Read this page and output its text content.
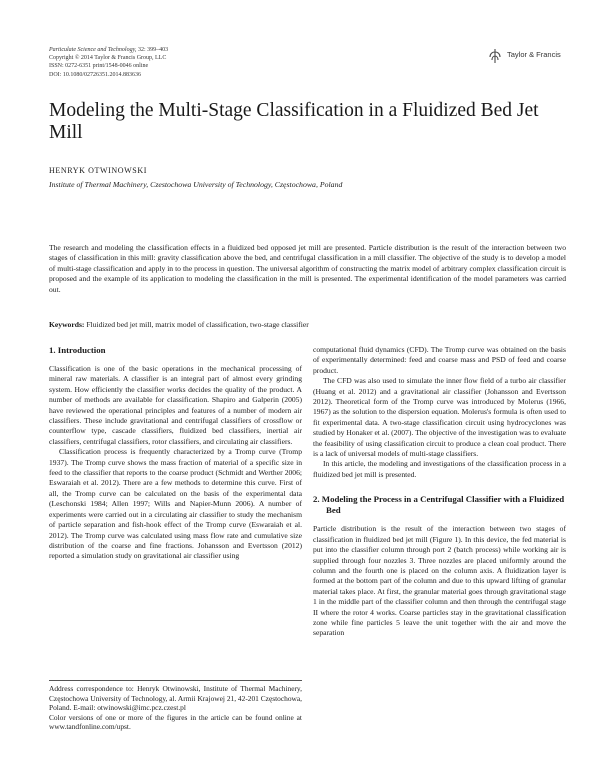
Particulate Science and Technology, 32: 399–403
Copyright © 2014 Taylor & Francis Group, LLC
ISSN: 0272-6351 print/1548-0046 online
DOI: 10.1080/02726351.2014.883636
Taylor & Francis
Modeling the Multi-Stage Classification in a Fluidized Bed Jet Mill
HENRYK OTWINOWSKI
Institute of Thermal Machinery, Czestochowa University of Technology, Częstochowa, Poland

The research and modeling the classification effects in a fluidized bed opposed jet mill are presented. Particle distribution is the result of the interaction between two stages of classification in this mill: gravity classification above the bed, and centrifugal classification in a mill classifier. The objective of the study is to develop a model of multi-stage classification and apply in to the process in question. The universal algorithm of constructing the matrix model of arbitrary complex classification circuit is proposed and the example of its application to modeling the classification in the mill is presented. The experimental identification of the model parameters was carried out.

Keywords: Fluidized bed jet mill, matrix model of classification, two-stage classifier
1. Introduction

Classification is one of the basic operations in the mechanical processing of mineral raw materials. A classifier is an integral part of almost every grinding system. How efficiently the classifier works decides the quality of the product. A number of methods are available for classification. Shapiro and Galperin (2005) have reviewed the operational principles and features of a number of modern air classifiers. These include gravitational and centrifugal classifiers of crossflow or counterflow type, cascade classifiers, fluidized bed classifiers, inertial air classifiers, centrifugal classifiers, rotor classifiers, and circulating air classifiers.

Classification process is frequently characterized by a Tromp curve (Tromp 1937). The Tromp curve shows the mass fraction of material of a specific size in feed to the classifier that reports to the coarse product (Schmidt and Werther 2006; Eswaraiah et al. 2012). There are a few methods to determine this curve. First of all, the Tromp curve can be calculated on the basis of the experimental data (Leschonski 1984; Allen 1997; Wills and Napier-Munn 2006). A number of experiments were carried out in a circulating air classifier to study the mechanism of particle separation and fish-hook effect of the Tromp curve (Eswaraiah et al. 2012). The Tromp curve was calculated using mass flow rate and cumulative size distribution of the coarse and fine fractions. Johansson and Evertsson (2012) reported a simulation study on gravitational air classifier using

computational fluid dynamics (CFD). The Tromp curve was obtained on the basis of experimentally determined: feed and coarse mass and PSD of feed and coarse product.

The CFD was also used to simulate the inner flow field of a turbo air classifier (Huang et al. 2012) and a gravitational air classifier (Johansson and Evertsson 2012). Theoretical form of the Tromp curve was introduced by Molerus (1966, 1967) as the solution to the dispersion equation. Molerus's formula is often used to fit experimental data. A two-stage classification circuit using hydrocyclones was studied by Honaker et al. (2007). The objective of the investigation was to evaluate the feasibility of using classification circuit to produce a clean coal product. There is a lack of universal models of multi-stage classifiers.

In this article, the modeling and investigations of the classification process in a fluidized bed jet mill is presented.

2. Modeling the Process in a Centrifugal Classifier with a Fluidized Bed

Particle distribution is the result of the interaction between two stages of classification in fluidized bed jet mill (Figure 1). In this device, the fed material is put into the classifier column through port 2 (batch process) while working air is supplied through four nozzles 3. Three nozzles are placed uniformly around the column and the fourth one is placed on the column axis. A fluidization layer is formed at the bottom part of the column and due to this upward lifting of granular material takes place. At first, the granular material goes through gravitational stage 1 in the middle part of the classifier column and then through the centrifugal stage II where the rotor 4 works. Coarse particles stay in the gravitational classification zone while fine particles 5 leave the unit together with the air and move the separation

Address correspondence to: Henryk Otwinowski, Institute of Thermal Machinery, Częstochowa University of Technology, al. Armii Krajowej 21, 42-201 Częstochowa, Poland. E-mail: otwinowski@imc.pcz.czest.pl

Color versions of one or more of the figures in the article can be found online at www.tandfonline.com/upst.
